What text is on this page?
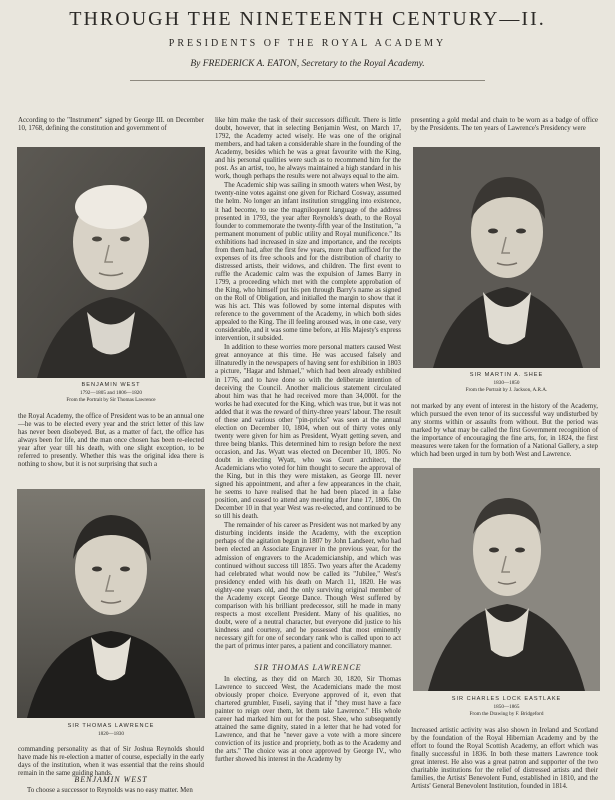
THROUGH THE NINETEENTH CENTURY—II.
PRESIDENTS OF THE ROYAL ACADEMY
By FREDERICK A. EATON, Secretary to the Royal Academy.

According to the "Instrument" signed by George III. on December 10, 1768, defining the constitution and government of

BENJAMIN WEST
1792—1805 and 1806—1820
From the Portrait by Sir Thomas Lawrence

the Royal Academy, the office of President was to be an annual one—he was to be elected every year and the strict letter of this law has never been disobeyed. But, as a matter of fact, the office has always been for life, and the man once chosen has been re-elected year after year till his death, with one slight exception, to be referred to presently. Whether this was the original idea there is nothing to show, but it is not surprising that such a

SIR THOMAS LAWRENCE
1820—1830

commanding personality as that of Sir Joshua Reynolds should have made his re-election a matter of course, especially in the early days of the institution, when it was essential that the reins should remain in the same guiding hands.

BENJAMIN WEST

To choose a successor to Reynolds was no easy matter. Men

like him make the task of their successors difficult. There is little doubt, however, that in selecting Benjamin West, on March 17, 1792, the Academy acted wisely. He was one of the original members, and had taken a considerable share in the founding of the Academy, besides which he was a great favourite with the King, and his personal qualities were such as to recommend him for the post. As an artist, too, he always maintained a high standard in his work, though perhaps the results were not always equal to the aim.

The Academic ship was sailing in smooth waters when West, by twenty-nine votes against one given for Richard Cosway, assumed the helm. No longer an infant institution struggling into existence, it had become, to use the magniloquent language of the address presented in 1793, the year after Reynolds's death, to the Royal founder to commemorate the twenty-fifth year of the Institution, "a permanent monument of public utility and Royal munificence." Its exhibitions had increased in size and importance, and the receipts from them had, after the first few years, more than sufficed for the expenses of its free schools and for the distribution of charity to distressed artists, their widows, and children. The first event to ruffle the Academic calm was the expulsion of James Barry in 1799, a proceeding which met with the complete approbation of the King, who himself put his pen through Barry's name as signed on the Roll of Obligation, and initialled the margin to show that it was his act. This was followed by some internal disputes with reference to the government of the Academy, in which both sides appealed to the King. The ill feeling aroused was, in one case, very considerable, and it was some time before, at His Majesty's express intervention, it subsided.

In addition to these worries more personal matters caused West great annoyance at this time. He was accused falsely and illnaturedly in the newspapers of having sent for exhibition in 1803 a picture, "Hagar and Ishmael," which had been already exhibited in 1776, and to have done so with the deliberate intention of deceiving the Council. Another malicious statement circulated about him was that he had received more than 34,000l. for the works he had executed for the King, which was true, but it was not added that it was the reward of thirty-three years' labour. The result of these and various other "pin-pricks" was seen at the annual election on December 10, 1804, when out of thirty votes only twenty were given for him as President, Wyatt getting seven, and three being blanks. This determined him to resign before the next occasion, and Jas. Wyatt was elected on December 10, 1805. No doubt in electing Wyatt, who was Court architect, the Academicians who voted for him thought to secure the approval of the King, but in this they were mistaken, as George III. never signed his appointment, and after a few appearances in the chair, he seems to have realised that he had been placed in a false position, and ceased to attend any meeting after June 17, 1806. On December 10 in that year West was re-elected, and continued to be so till his death.

The remainder of his career as President was not marked by any disturbing incidents inside the Academy, with the exception perhaps of the agitation begun in 1807 by John Landseer, who had been elected an Associate Engraver in the previous year, for the admission of engravers to the Academicianship, and which was continued without success till 1855. Two years after the Academy had celebrated what would now be called its "Jubilee," West's presidency ended with his death on March 11, 1820. He was eighty-one years old, and the only surviving original member of the Academy except George Dance. Though West suffered by comparison with his brilliant predecessor, still he made in many respects a most excellent President. Many of his qualities, no doubt, were of a neutral character, but everyone did justice to his kindness and courtesy, and he possessed that most eminently necessary gift for one of secondary rank who is called upon to act the part of primus inter pares, a patient and conciliatory manner.

SIR THOMAS LAWRENCE

In electing, as they did on March 30, 1820, Sir Thomas Lawrence to succeed West, the Academicians made the most obviously proper choice. Everyone approved of it, even that chartered grumbler, Fuseli, saying that if "they must have a face painter to reign over them, let them take Lawrence." His whole career had marked him out for the post. Shee, who subsequently attained the same dignity, stated in a letter that he had voted for Lawrence, and that he "never gave a vote with a more sincere conviction of its justice and propriety, both as to the Academy and the arts." The choice was at once approved by George IV., who further showed his interest in the Academy by

presenting a gold medal and chain to be worn as a badge of office by the Presidents. The ten years of Lawrence's Presidency were

SIR MARTIN A. SHEE
1830—1850
From the Portrait by J. Jackson, A.R.A.

not marked by any event of interest in the history of the Academy, which pursued the even tenor of its successful way undisturbed by any storms within or assaults from without. But the period was marked by what may be called the first Government recognition of the importance of encouraging the fine arts, for, in 1824, the first measures were taken for the formation of a National Gallery, a step which had been urged in turn by both West and Lawrence.

SIR CHARLES LOCK EASTLAKE
1850—1865
From the Drawing by F. Bridgeford

Increased artistic activity was also shown in Ireland and Scotland by the foundation of the Royal Hibernian Academy and by the effort to found the Royal Scottish Academy, an effort which was finally successful in 1836. In both these matters Lawrence took great interest. He also was a great patron and supporter of the two charitable institutions for the relief of distressed artists and their families, the Artists' Benevolent Fund, established in 1810, and the Artists' General Benevolent Institution, founded in 1814.
